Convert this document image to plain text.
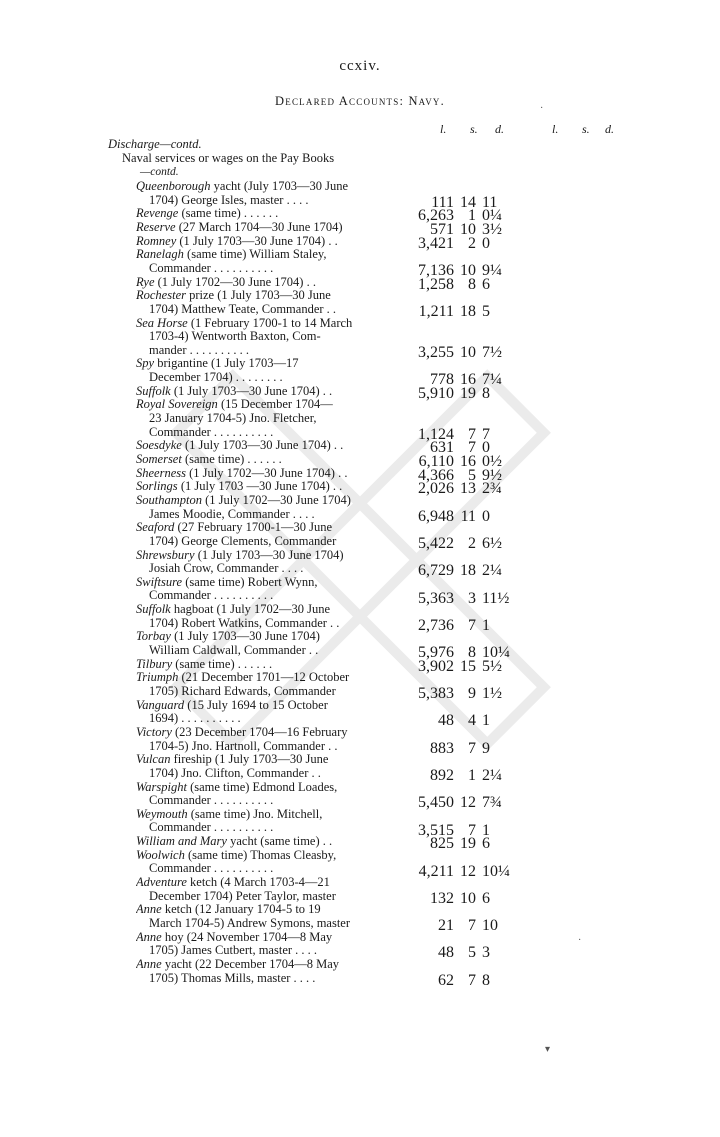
ccxiv.
Declared Accounts: Navy.
l. s. d.	l. s. d.
Discharge—contd.
Naval services or wages on the Pay Books
—contd.
Queenborough yacht (July 1703—30 June
1704) George Isles, master . . . .	111 14 11
Revenge (same time) . . . . . .	6,263 1 0¼
Reserve (27 March 1704—30 June 1704)	571 10 3½
Romney (1 July 1703—30 June 1704) . .	3,421 2 0
Ranelagh (same time) William Staley,
Commander . . . . . . . . . .	7,136 10 9¼
Rye (1 July 1702—30 June 1704) . .	1,258 8 6
Rochester prize (1 July 1703—30 June
1704) Matthew Teate, Commander . .	1,211 18 5
Sea Horse (1 February 1700-1 to 14 March
1703-4) Wentworth Baxton, Com-
mander . . . . . . . . . .	3,255 10 7½
Spy brigantine (1 July 1703—17
December 1704) . . . . . . . .	778 16 7¼
Suffolk (1 July 1703—30 June 1704) . .	5,910 19 8
Royal Sovereign (15 December 1704—
23 January 1704-5) Jno. Fletcher,
Commander . . . . . . . . . .	1,124 7 7
Soesdyke (1 July 1703—30 June 1704) . .	631 7 0
Somerset (same time) . . . . . .	6,110 16 0½
Sheerness (1 July 1702—30 June 1704) . .	4,366 5 9½
Sorlings (1 July 1703 —30 June 1704) . .	2,026 13 2¾
Southampton (1 July 1702—30 June 1704)
James Moodie, Commander . . . .	6,948 11 0
Seaford (27 February 1700-1—30 June
1704) George Clements, Commander	5,422 2 6½
Shrewsbury (1 July 1703—30 June 1704)
Josiah Crow, Commander . . . .	6,729 18 2¼
Swiftsure (same time) Robert Wynn,
Commander . . . . . . . . . .	5,363 3 11½
Suffolk hagboat (1 July 1702—30 June
1704) Robert Watkins, Commander . .	2,736 7 1
Torbay (1 July 1703—30 June 1704)
William Caldwall, Commander . .	5,976 8 10¼
Tilbury (same time) . . . . . .	3,902 15 5½
Triumph (21 December 1701—12 October
1705) Richard Edwards, Commander	5,383 9 1½
Vanguard (15 July 1694 to 15 October
1694) . . . . . . . . . .	48 4 1
Victory (23 December 1704—16 February
1704-5) Jno. Hartnoll, Commander . .	883 7 9
Vulcan fireship (1 July 1703—30 June
1704) Jno. Clifton, Commander . .	892 1 2¼
Warspight (same time) Edmond Loades,
Commander . . . . . . . . . .	5,450 12 7¾
Weymouth (same time) Jno. Mitchell,
Commander . . . . . . . . . .	3,515 7 1
William and Mary yacht (same time) . .	825 19 6
Woolwich (same time) Thomas Cleasby,
Commander . . . . . . . . . .	4,211 12 10¼
Adventure ketch (4 March 1703-4—21
December 1704) Peter Taylor, master	132 10 6
Anne ketch (12 January 1704-5 to 19
March 1704-5) Andrew Symons, master	21 7 10
Anne hoy (24 November 1704—8 May
1705) James Cutbert, master . . . .	48 5 3
Anne yacht (22 December 1704—8 May
1705) Thomas Mills, master . . . .	62 7 8
·
·
▾
